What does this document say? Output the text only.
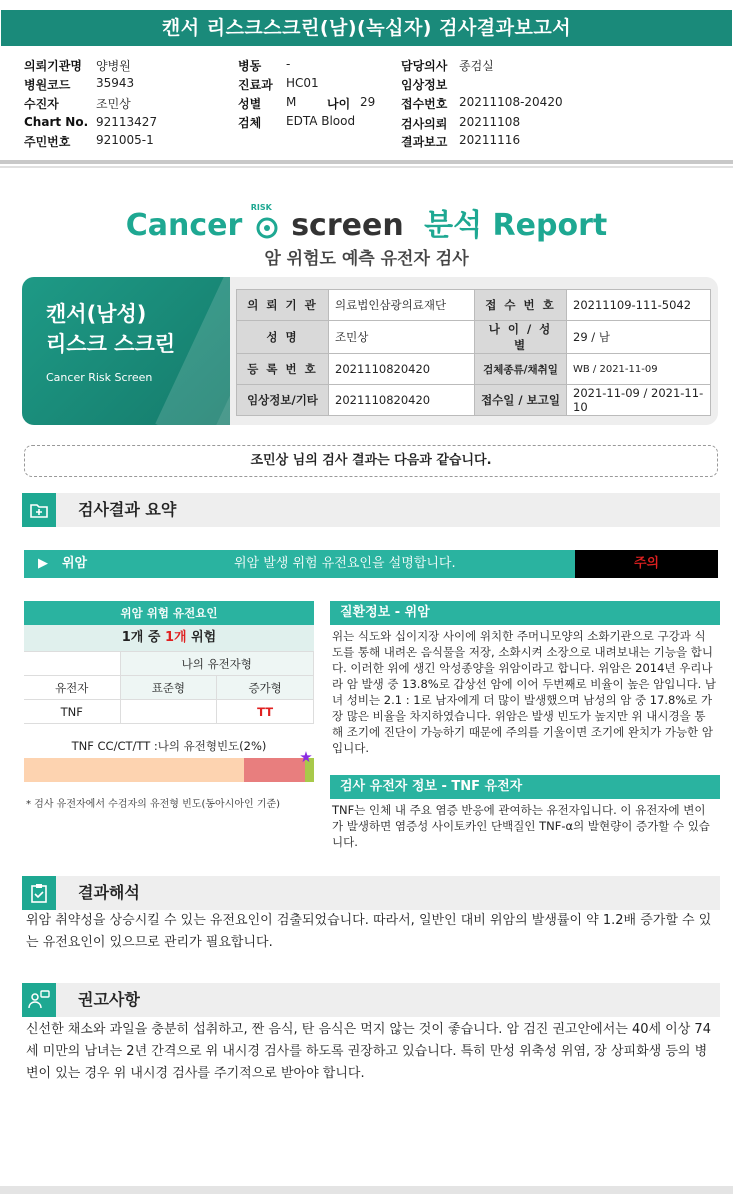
캔서 리스크스크린(남)(녹십자) 검사결과보고서
의뢰기관명 양병원
병원코드 35943
수진자	조민상
Chart No. 92113427
주민번호 921005-1
병동 -
진료과 HC01
성별 M	나이 29
검체 EDTA Blood
담당의사 종검실
임상정보
접수번호 20211108-20420
검사의뢰 20211108
결과보고 20211116
Cancer
RISK
screen 분석 Report
암 위험도 예측 유전자 검사
캔서(남성)
리스크 스크린
Cancer Risk Screen
의 뢰 기 관	의료법인삼광의료재단	접 수 번 호	20211109-111-5042
성 명	조민상	나 이 / 성 별	29 / 남
등 록 번 호	2021110820420	검체종류/채취일	WB / 2021-11-09
임상정보/기타	2021110820420	접수일 / 보고일	2021-11-09 / 2021-11-10
조민상 님의 검사 결과는 다음과 같습니다.
검사결과 요약
▶ 위암	위암 발생 위험 유전요인을 설명합니다.	주의
위암 위험 유전요인
1개 중 1개 위험
	나의 유전자형	
유전자	표준형	증가형
TNF		TT
TNF CC/CT/TT :나의 유전형빈도(2%)
★
* 검사 유전자에서 수검자의 유전형 빈도(동아시아인 기준)
질환정보 - 위암
위는 식도와 십이지장 사이에 위치한 주머니모양의 소화기관으로 구강과 식도를 통해 내려온 음식물을 저장, 소화시켜 소장으로 내려보내는 기능을 합니다. 이러한 위에 생긴 악성종양을 위암이라고 합니다. 위암은 2014년 우리나라 암 발생 중 13.8%로 갑상선 암에 이어 두번째로 비율이 높은 암입니다. 남녀 성비는 2.1 : 1로 남자에게 더 많이 발생했으며 남성의 암 중 17.8%로 가장 많은 비율을 차지하였습니다. 위암은 발생 빈도가 높지만 위 내시경을 통해 조기에 진단이 가능하기 때문에 주의를 기울이면 조기에 완치가 가능한 암입니다.
검사 유전자 정보 - TNF 유전자
TNF는 인체 내 주요 염증 반응에 관여하는 유전자입니다. 이 유전자에 변이가 발생하면 염증성 사이토카인 단백질인 TNF-α의 발현량이 증가할 수 있습니다.
결과해석
위암 취약성을 상승시킬 수 있는 유전요인이 검출되었습니다. 따라서, 일반인 대비 위암의 발생률이 약 1.2배 증가할 수 있는 유전요인이 있으므로 관리가 필요합니다.
권고사항
신선한 채소와 과일을 충분히 섭취하고, 짠 음식, 탄 음식은 먹지 않는 것이 좋습니다. 암 검진 권고안에서는 40세 이상 74세 미만의 남녀는 2년 간격으로 위 내시경 검사를 하도록 권장하고 있습니다. 특히 만성 위축성 위염, 장 상피화생 등의 병변이 있는 경우 위 내시경 검사를 주기적으로 받아야 합니다.
